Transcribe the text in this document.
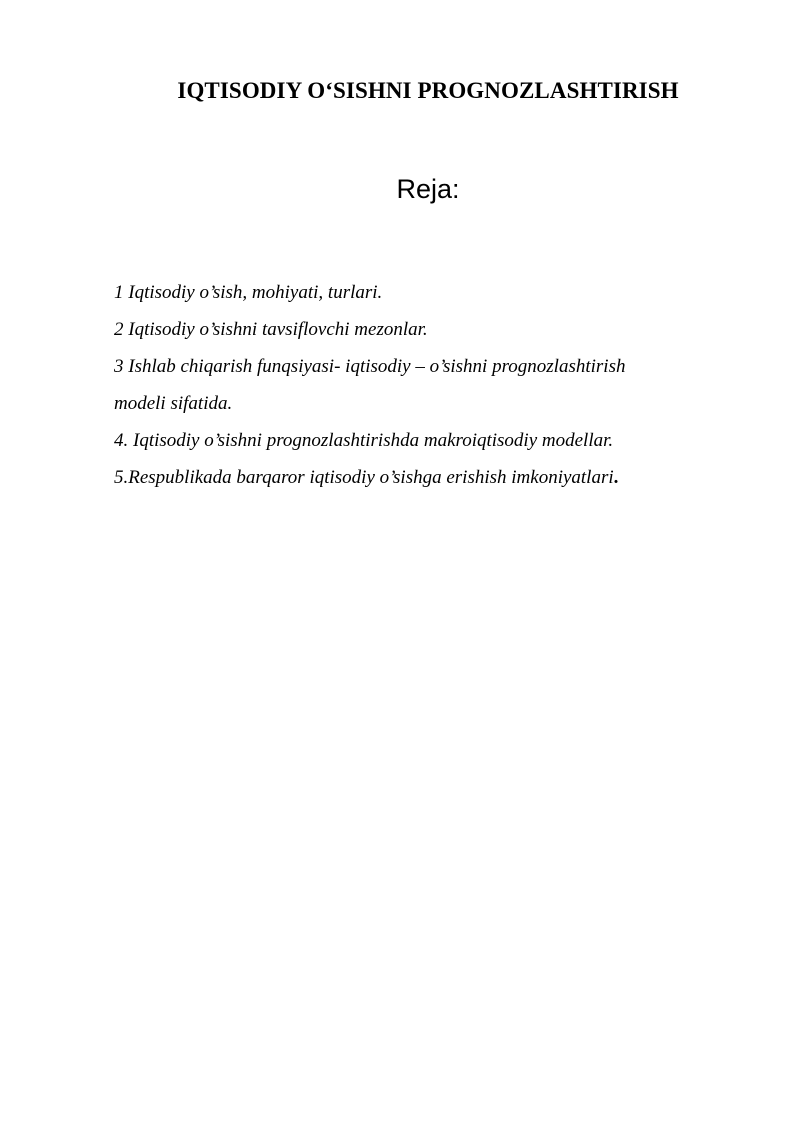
IQTISODIY O‘SISHNI PROGNOZLASHTIRISH
Reja:
1 Iqtisodiy o’sish, mohiyati, turlari.
2 Iqtisodiy o’sishni tavsiflovchi mezonlar.
3 Ishlab chiqarish funqsiyasi- iqtisodiy – o’sishni prognozlashtirish
modeli sifatida.
4. Iqtisodiy o’sishni prognozlashtirishda makroiqtisodiy modellar.
5.Respublikada barqaror iqtisodiy o’sishga erishish imkoniyatlari.
